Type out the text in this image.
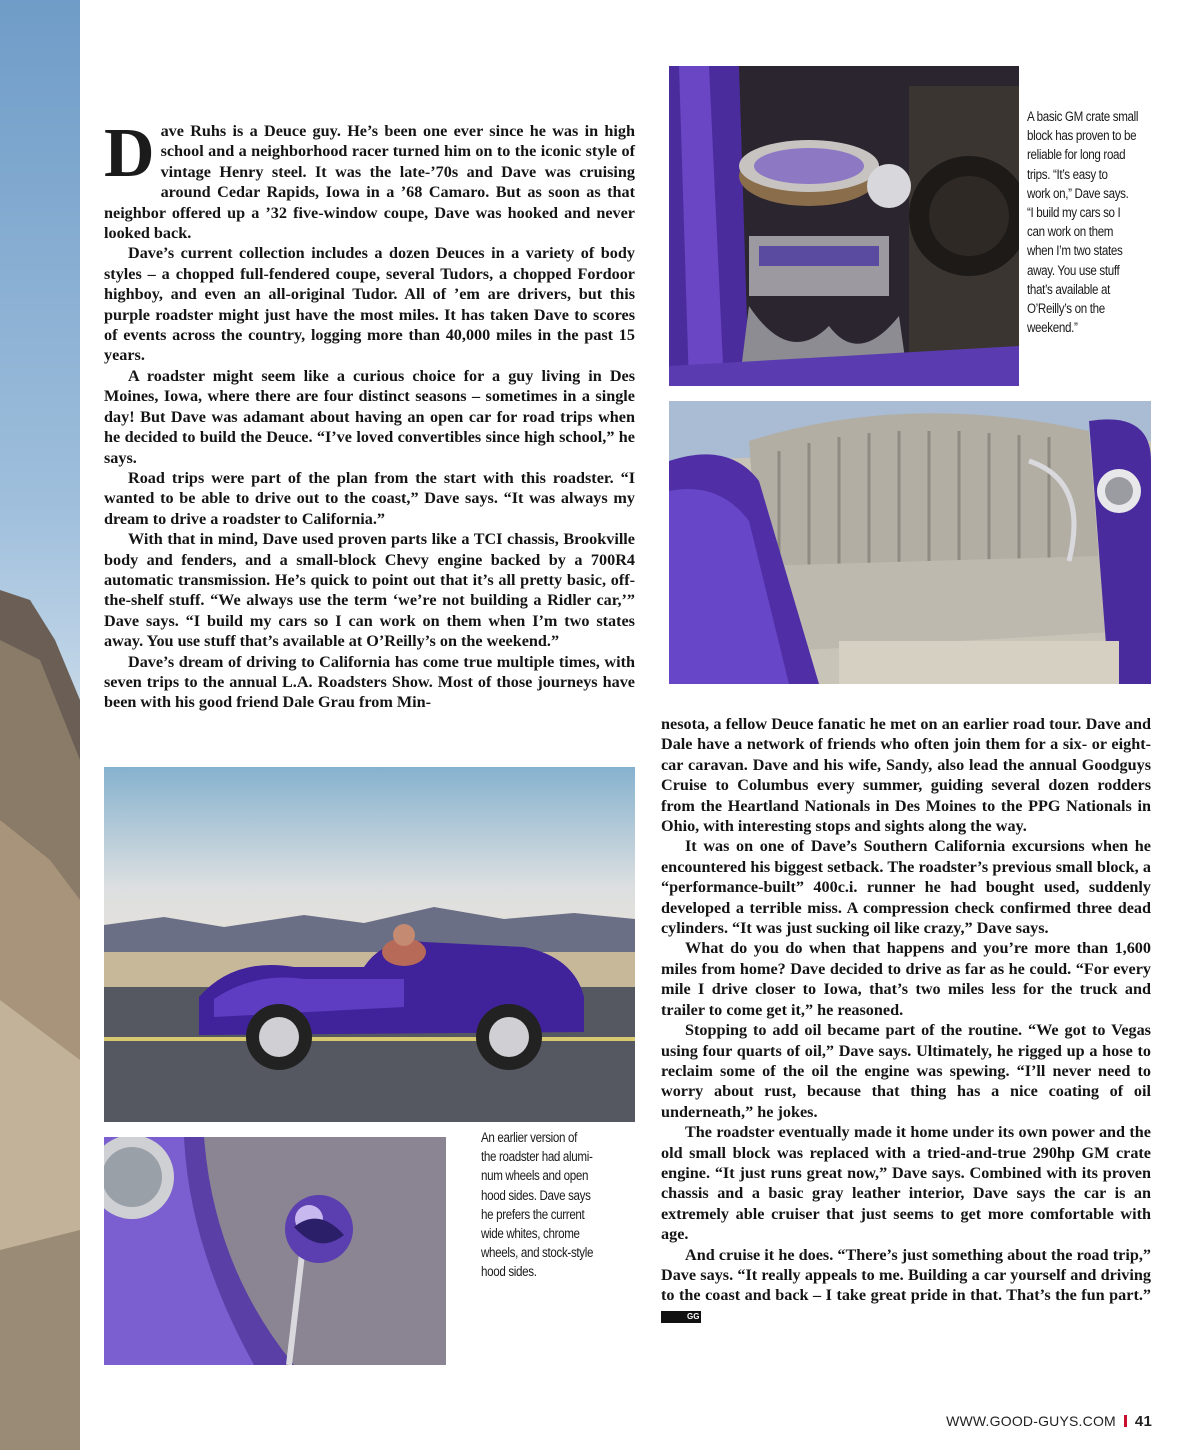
A basic GM crate small

block has proven to be

reliable for long road

trips. “It’s easy to

work on,” Dave says.

“I build my cars so I

can work on them

when I’m two states

away. You use stuff

that’s available at

O’Reilly’s on the

weekend.”

An earlier version of

the roadster had alumi-

num wheels and open

hood sides. Dave says

he prefers the current

wide whites, chrome

wheels, and stock-style

hood sides.

D ave Ruhs is a Deuce guy. He’s been one ever since he was in high school and a neighborhood racer turned him on to the iconic style of vintage Henry steel. It was the late-’70s and Dave was cruising around Cedar Rapids, Iowa in a ’68 Camaro. But as soon as that neighbor offered up a ’32 five-window coupe, Dave was hooked and never looked back.

Dave’s current collection includes a dozen Deuces in a variety of body styles – a chopped full-fendered coupe, several Tudors, a chopped Fordoor highboy, and even an all-original Tudor. All of ’em are drivers, but this purple roadster might just have the most miles. It has taken Dave to scores of events across the country, logging more than 40,000 miles in the past 15 years.

A roadster might seem like a curious choice for a guy living in Des Moines, Iowa, where there are four distinct seasons – sometimes in a single day! But Dave was adamant about having an open car for road trips when he decided to build the Deuce. “I’ve loved convertibles since high school,” he says.

Road trips were part of the plan from the start with this roadster. “I wanted to be able to drive out to the coast,” Dave says. “It was always my dream to drive a roadster to California.”

With that in mind, Dave used proven parts like a TCI chassis, Brookville body and fenders, and a small-block Chevy engine backed by a 700R4 automatic transmission. He’s quick to point out that it’s all pretty basic, off-the-shelf stuff. “We always use the term ‘we’re not building a Ridler car,’” Dave says. “I build my cars so I can work on them when I’m two states away. You use stuff that’s available at O’Reilly’s on the weekend.”

Dave’s dream of driving to California has come true multiple times, with seven trips to the annual L.A. Roadsters Show. Most of those journeys have been with his good friend Dale Grau from Min-

nesota, a fellow Deuce fanatic he met on an earlier road tour. Dave and Dale have a network of friends who often join them for a six- or eight-car caravan. Dave and his wife, Sandy, also lead the annual Goodguys Cruise to Columbus every summer, guiding several dozen rodders from the Heartland Nationals in Des Moines to the PPG Nationals in Ohio, with interesting stops and sights along the way.

It was on one of Dave’s Southern California excursions when he encountered his biggest setback. The roadster’s previous small block, a “performance-built” 400c.i. runner he had bought used, suddenly developed a terrible miss. A compression check confirmed three dead cylinders. “It was just sucking oil like crazy,” Dave says.

What do you do when that happens and you’re more than 1,600 miles from home? Dave decided to drive as far as he could. “For every mile I drive closer to Iowa, that’s two miles less for the truck and trailer to come get it,” he reasoned.

Stopping to add oil became part of the routine. “We got to Vegas using four quarts of oil,” Dave says. Ultimately, he rigged up a hose to reclaim some of the oil the engine was spewing. “I’ll never need to worry about rust, because that thing has a nice coating of oil underneath,” he jokes.

The roadster eventually made it home under its own power and the old small block was replaced with a tried-and-true 290hp GM crate engine. “It just runs great now,” Dave says. Combined with its proven chassis and a basic gray leather interior, Dave says the car is an extremely able cruiser that just seems to get more comfortable with age.

And cruise it he does. “There’s just something about the road trip,” Dave says. “It really appeals to me. Building a car yourself and driving to the coast and back – I take great pride in that. That’s the fun part.” GG

WWW.GOOD-GUYS.COM 41
